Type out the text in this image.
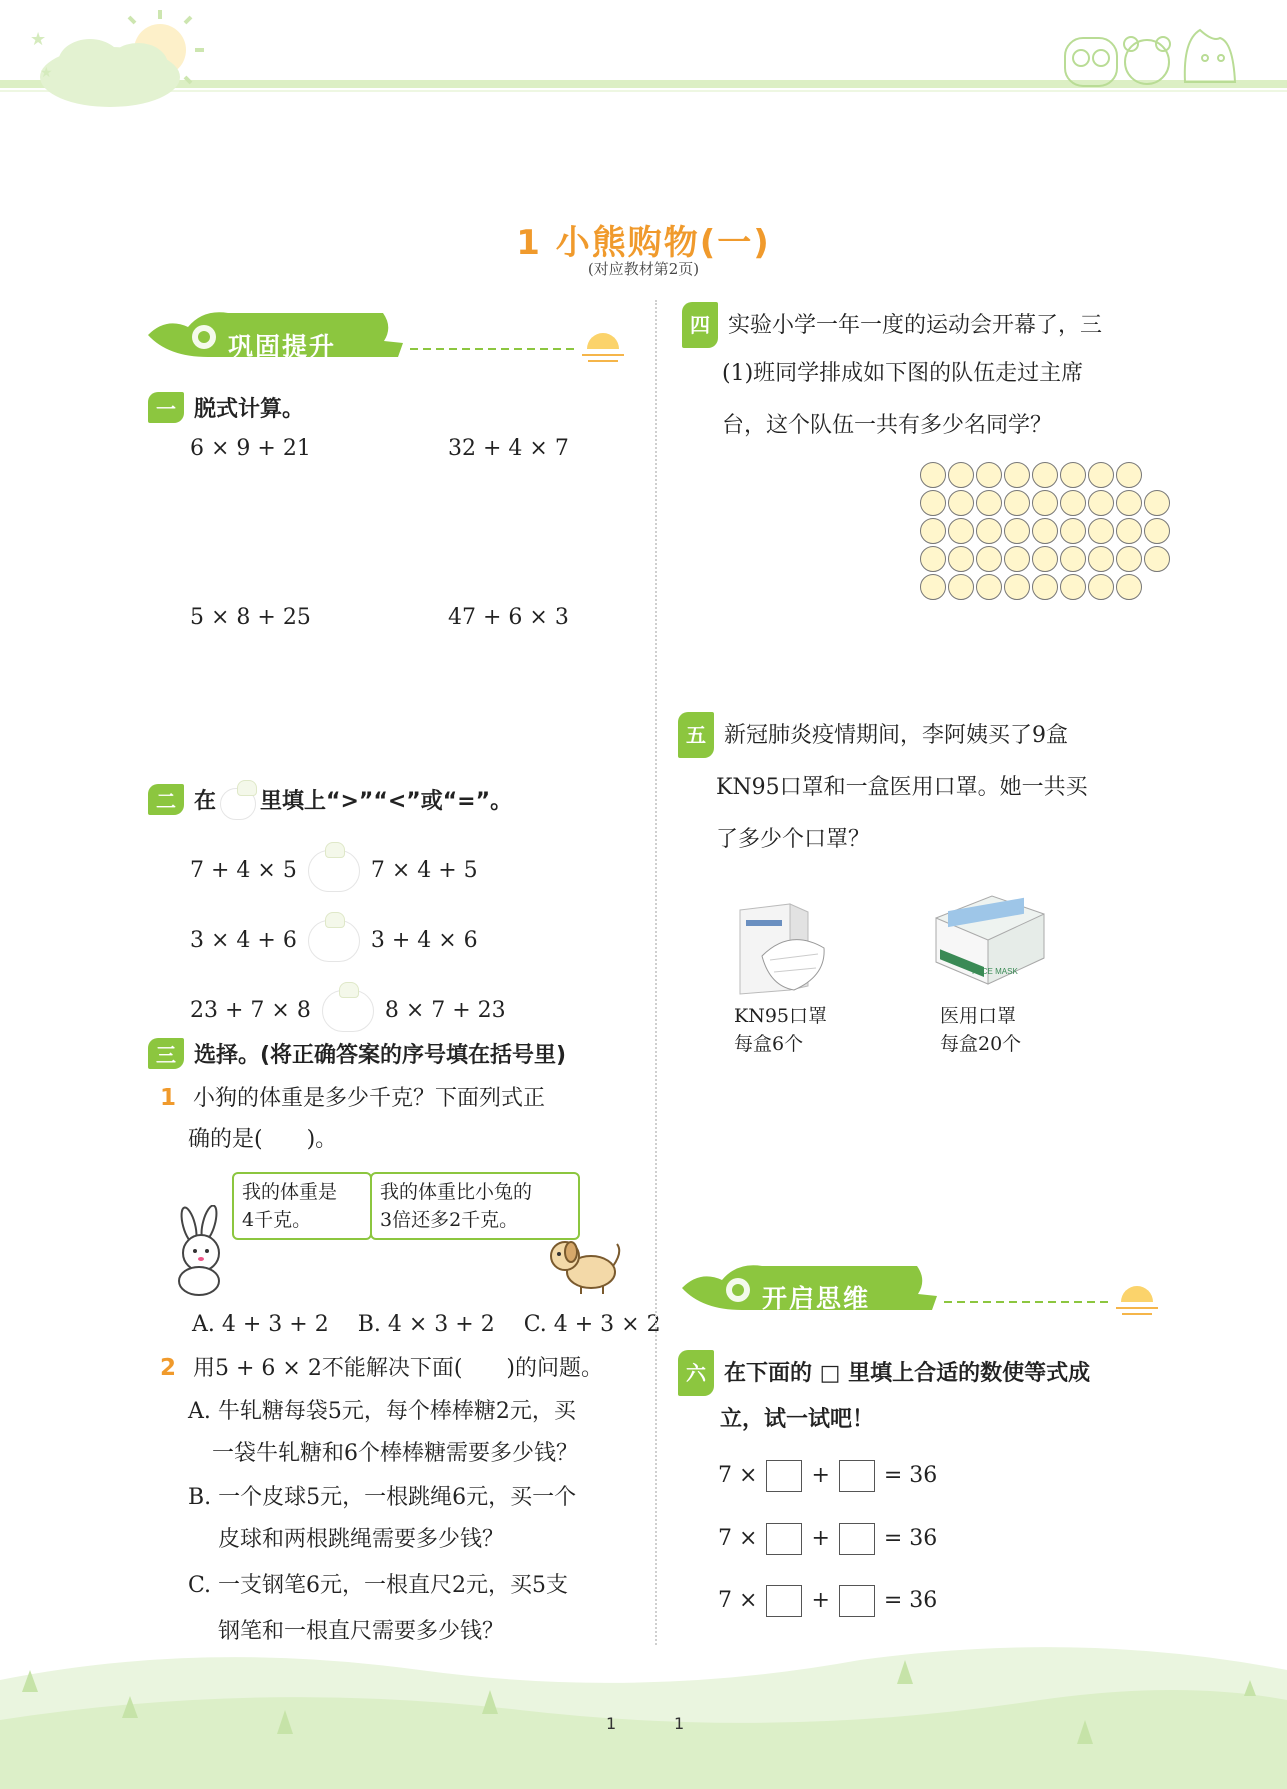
★
★
1 小熊购物(一)
(对应教材第2页)
巩固提升
一 脱式计算。
6 × 9 + 21	32 + 4 × 7
5 × 8 + 25	47 + 6 × 3
二 在 里填上“>”“<”或“=”。
7 + 4 × 5	7 × 4 + 5
3 × 4 + 6	3 + 4 × 6
23 + 7 × 8	8 × 7 + 23
三 选择。(将正确答案的序号填在括号里)
1 小狗的体重是多少千克？下面列式正
确的是(　　)。
我的体重是
4千克。
我的体重比小兔的
3倍还多2千克。
A. 4 + 3 + 2 B. 4 × 3 + 2 C. 4 + 3 × 2
2 用5 + 6 × 2不能解决下面(　　)的问题。
A. 牛轧糖每袋5元，每个棒棒糖2元，买
一袋牛轧糖和6个棒棒糖需要多少钱？
B. 一个皮球5元，一根跳绳6元，买一个
皮球和两根跳绳需要多少钱？
C. 一支钢笔6元，一根直尺2元，买5支
钢笔和一根直尺需要多少钱？
四 实验小学一年一度的运动会开幕了，三
(1)班同学排成如下图的队伍走过主席
台，这个队伍一共有多少名同学？
五 新冠肺炎疫情期间，李阿姨买了9盒
KN95口罩和一盒医用口罩。她一共买
了多少个口罩？
FACE MASK
KN95口罩
每盒6个
医用口罩
每盒20个
开启思维
六 在下面的 □ 里填上合适的数使等式成
立，试一试吧！
7 × + = 36
7 × + = 36
7 × + = 36
1	1
